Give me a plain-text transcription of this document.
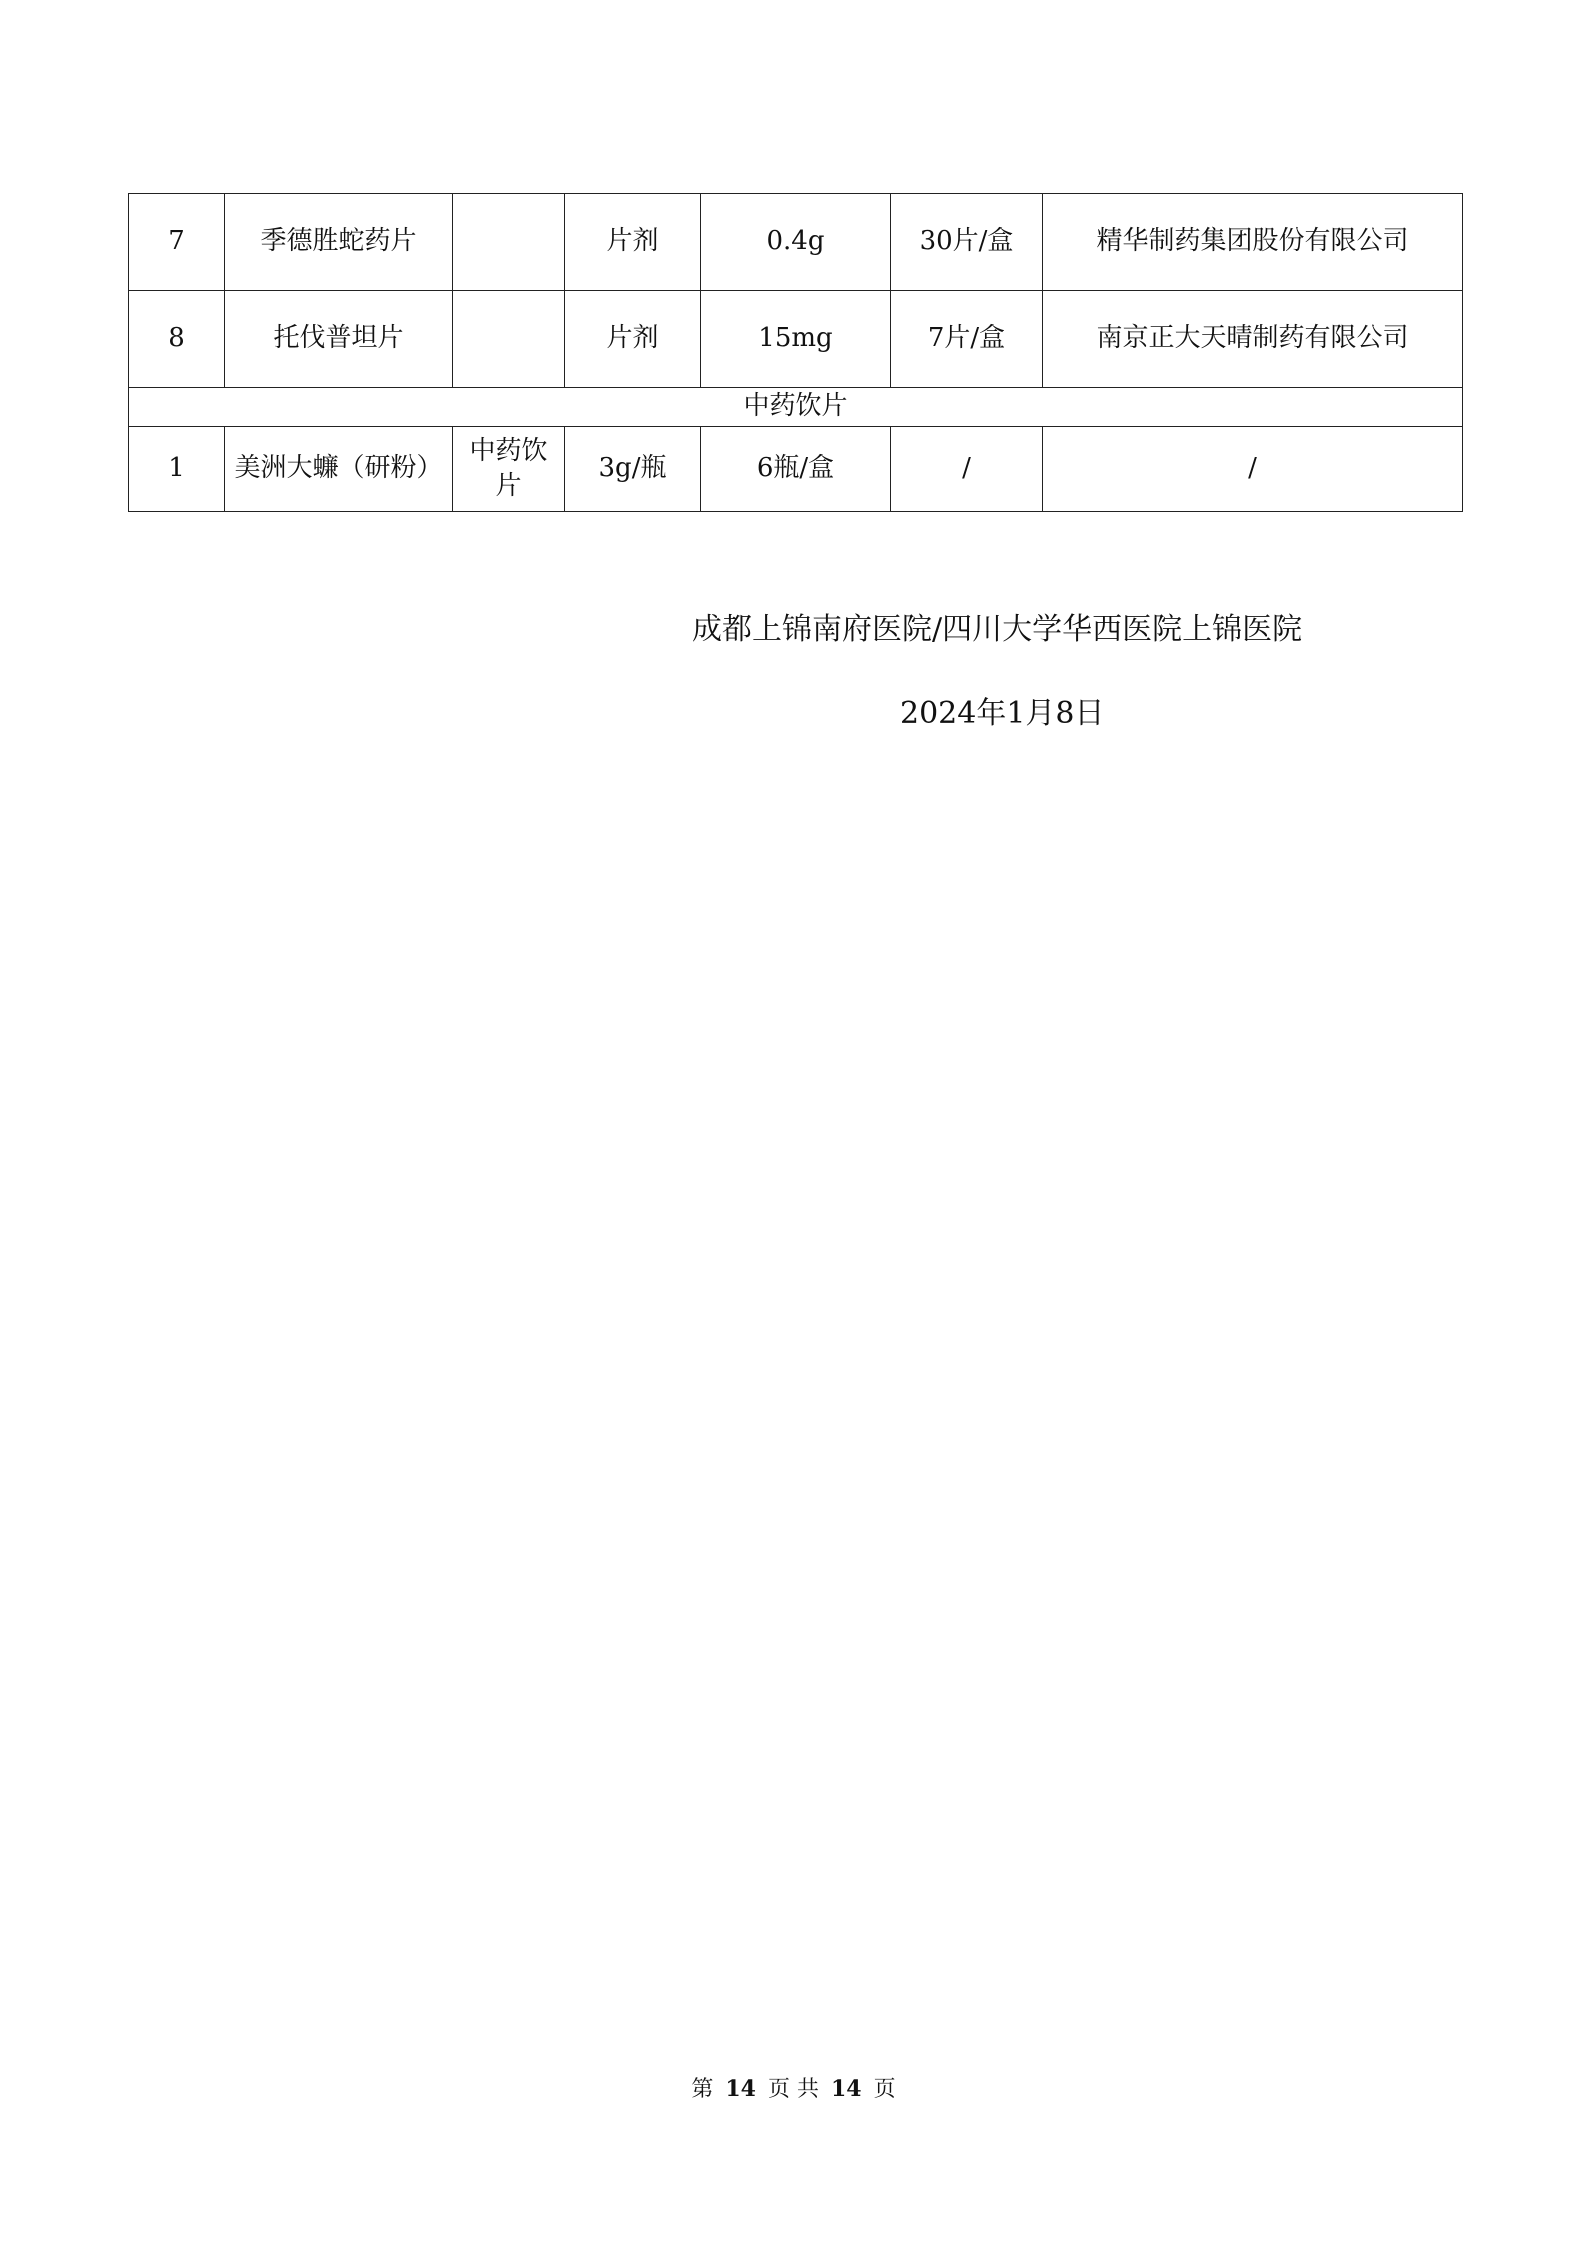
7	季德胜蛇药片		片剂	0.4g	30片/盒	精华制药集团股份有限公司
8	托伐普坦片		片剂	15mg	7片/盒	南京正大天晴制药有限公司
中药饮片						
1	美洲大蠊（研粉）	中药饮片	3g/瓶	6瓶/盒	/	/
成都上锦南府医院/四川大学华西医院上锦医院
2024年1月8日
第 14 页 共 14 页
